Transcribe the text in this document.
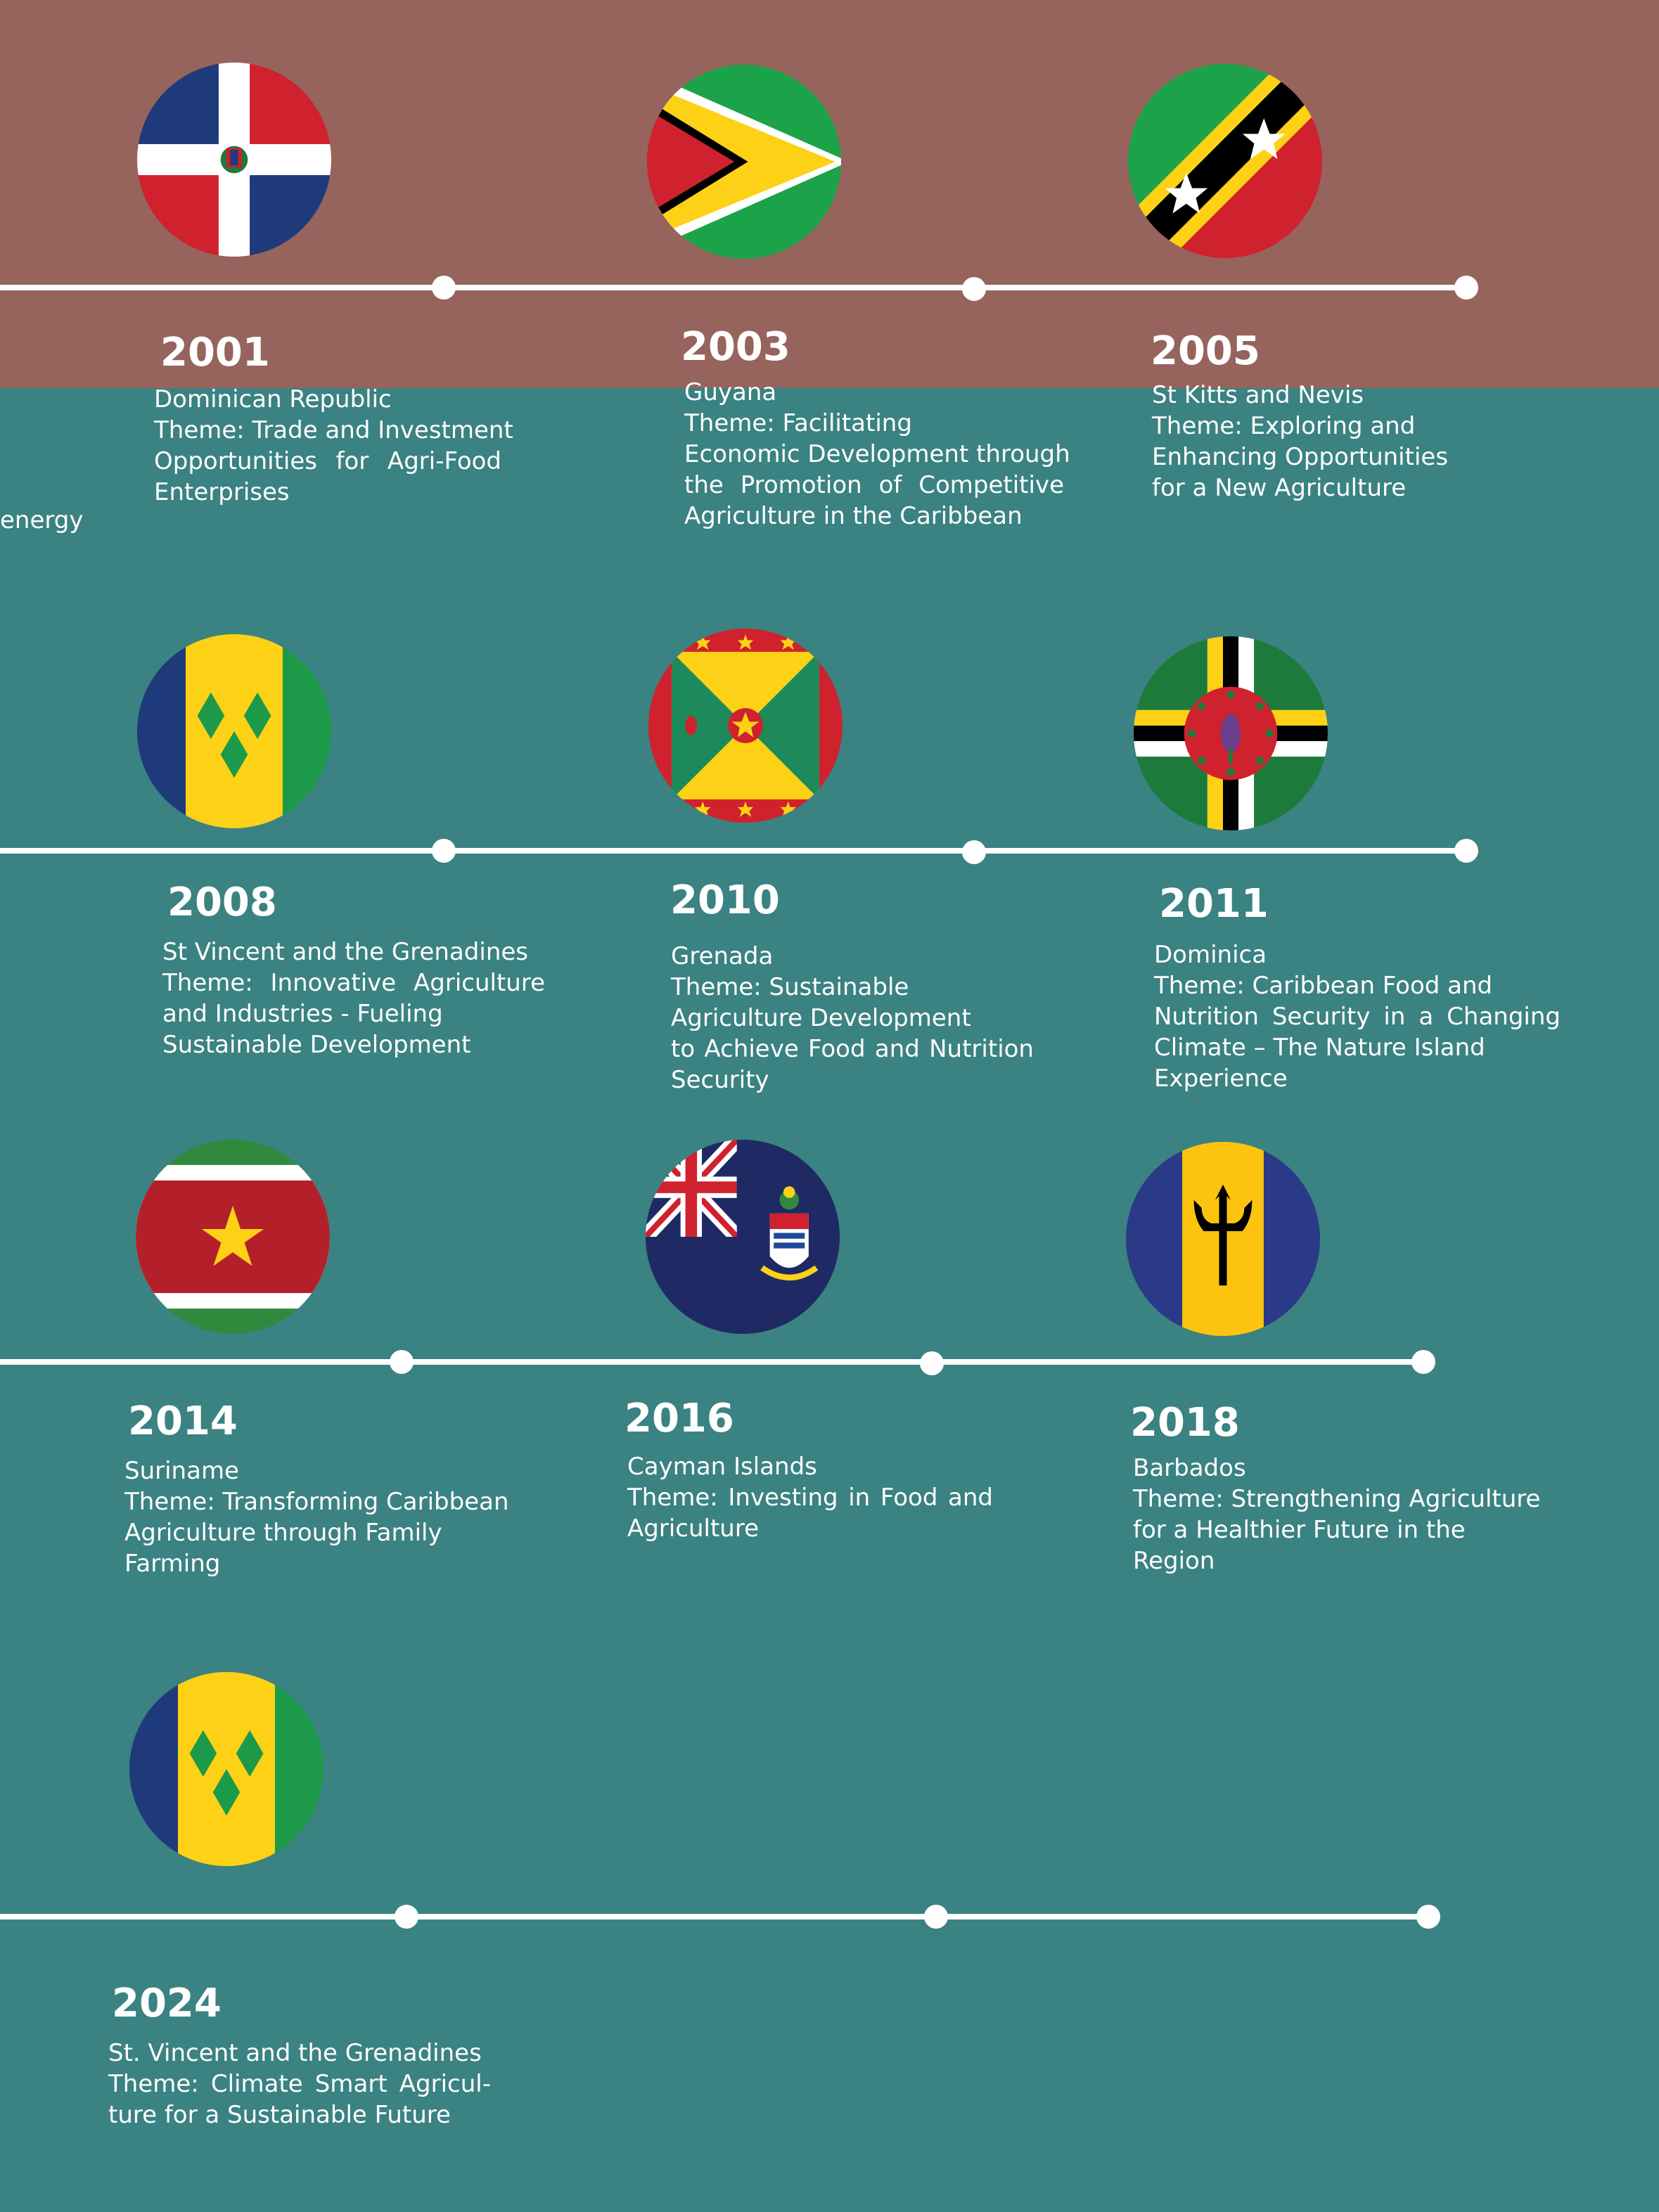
energy
2001
Dominican Republic
Theme: Trade and Investment
Opportunities for Agri-Food
Enterprises
2003
Guyana
Theme: Facilitating
Economic Development through
the Promotion of Competitive
Agriculture in the Caribbean
2005
St Kitts and Nevis
Theme: Exploring and
Enhancing Opportunities
for a New Agriculture
2008
St Vincent and the Grenadines
Theme: Innovative Agriculture
and Industries - Fueling
Sustainable Development
2010
Grenada
Theme: Sustainable
Agriculture Development
to Achieve Food and Nutrition
Security
2011
Dominica
Theme: Caribbean Food and
Nutrition Security in a Changing
Climate – The Nature Island
Experience
2014
Suriname
Theme: Transforming Caribbean
Agriculture through Family
Farming
2016
Cayman Islands
Theme: Investing in Food and
Agriculture
2018
Barbados
Theme: Strengthening Agriculture
for a Healthier Future in the
Region
2024
St. Vincent and the Grenadines
Theme: Climate Smart Agricul-
ture for a Sustainable Future
